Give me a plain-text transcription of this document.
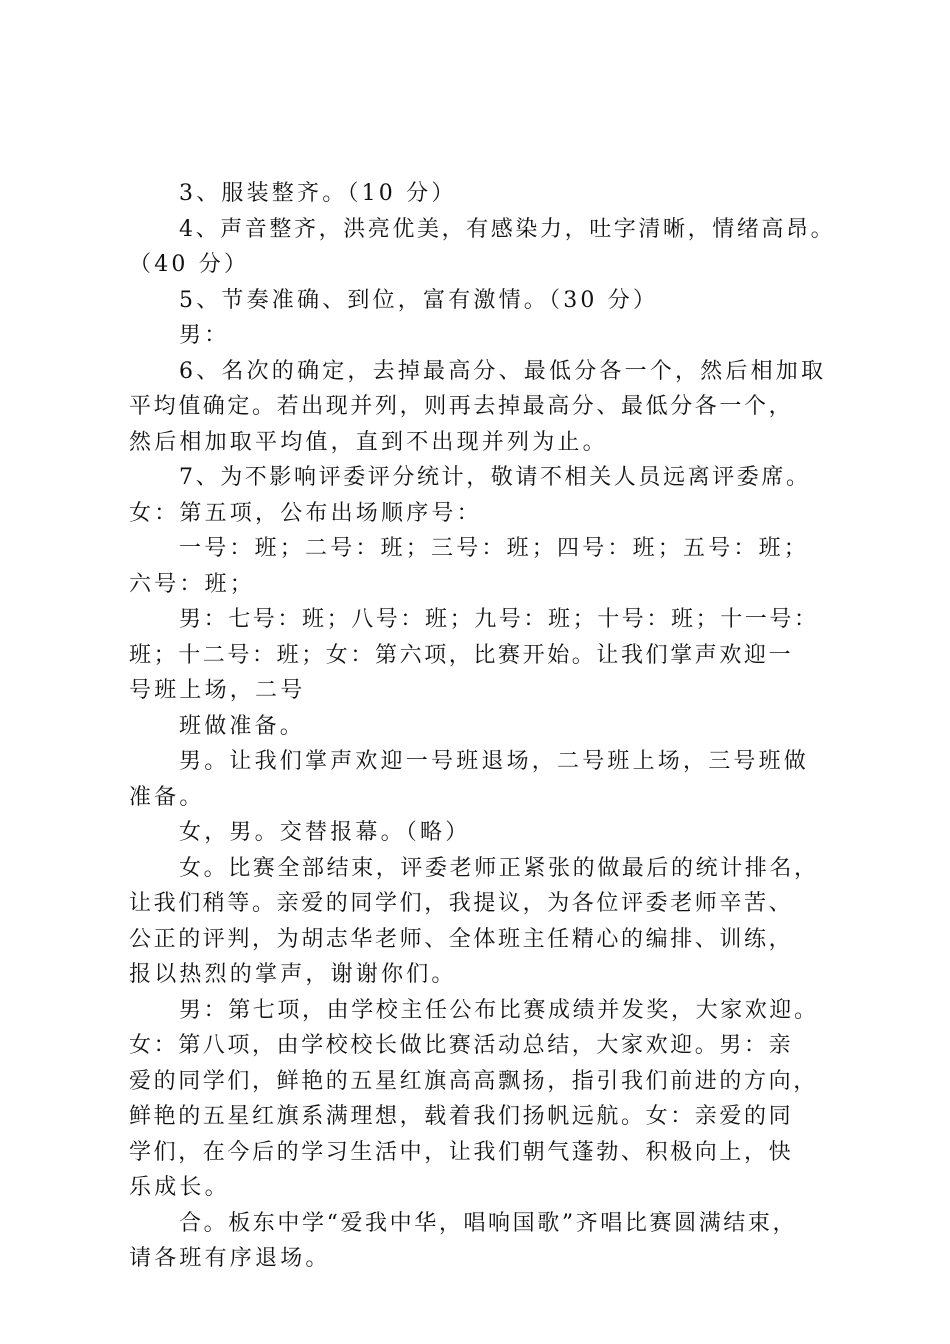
3、服装整齐。（10 分）
4、声音整齐，洪亮优美，有感染力，吐字清晰，情绪高昂。
（40 分）
5、节奏准确、到位，富有激情。（30 分）
男：
6、名次的确定，去掉最高分、最低分各一个，然后相加取
平均值确定。若出现并列，则再去掉最高分、最低分各一个，
然后相加取平均值，直到不出现并列为止。
7、为不影响评委评分统计，敬请不相关人员远离评委席。
女：第五项，公布出场顺序号：
一号：班；二号：班；三号：班；四号：班；五号：班；
六号：班；
男：七号：班；八号：班；九号：班；十号：班；十一号：
班；十二号：班；女：第六项，比赛开始。让我们掌声欢迎一
号班上场，二号
班做准备。
男。让我们掌声欢迎一号班退场，二号班上场，三号班做
准备。
女，男。交替报幕。（略）
女。比赛全部结束，评委老师正紧张的做最后的统计排名，
让我们稍等。亲爱的同学们，我提议，为各位评委老师辛苦、
公正的评判，为胡志华老师、全体班主任精心的编排、训练，
报以热烈的掌声，谢谢你们。
男：第七项，由学校主任公布比赛成绩并发奖，大家欢迎。
女：第八项，由学校校长做比赛活动总结，大家欢迎。男：亲
爱的同学们，鲜艳的五星红旗高高飘扬，指引我们前进的方向，
鲜艳的五星红旗系满理想，载着我们扬帆远航。女：亲爱的同
学们，在今后的学习生活中，让我们朝气蓬勃、积极向上，快
乐成长。
合。板东中学“爱我中华，唱响国歌”齐唱比赛圆满结束，
请各班有序退场。
